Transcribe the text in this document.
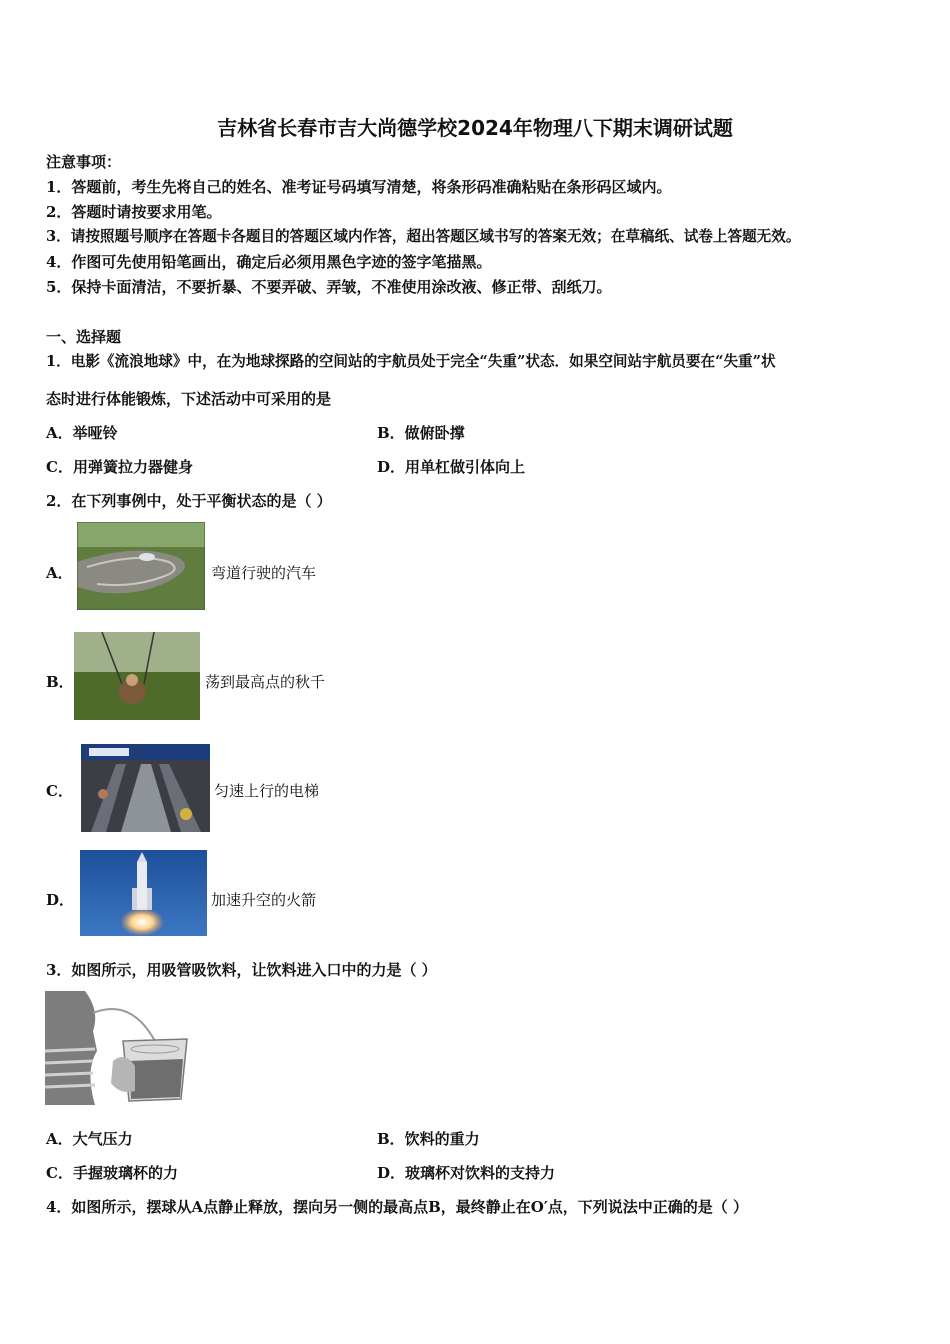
吉林省长春市吉大尚德学校2024年物理八下期末调研试题
注意事项：
1．答题前，考生先将自己的姓名、准考证号码填写清楚，将条形码准确粘贴在条形码区域内。
2．答题时请按要求用笔。
3．请按照题号顺序在答题卡各题目的答题区域内作答，超出答题区域书写的答案无效；在草稿纸、试卷上答题无效。
4．作图可先使用铅笔画出，确定后必须用黑色字迹的签字笔描黑。
5．保持卡面清洁，不要折暴、不要弄破、弄皱，不准使用涂改液、修正带、刮纸刀。
一、选择题
1．电影《流浪地球》中，在为地球探路的空间站的宇航员处于完全“失重”状态．如果空间站宇航员要在“失重”状
态时进行体能锻炼，下述活动中可采用的是
A．举哑铃	B．做俯卧撑
C．用弹簧拉力器健身	D．用单杠做引体向上
2．在下列事例中，处于平衡状态的是（ ）
A．	弯道行驶的汽车
B．	荡到最高点的秋千
C．	匀速上行的电梯
D．	加速升空的火箭
3．如图所示，用吸管吸饮料，让饮料进入口中的力是（ ）
A．大气压力	B．饮料的重力
C．手握玻璃杯的力	D．玻璃杯对饮料的支持力
4．如图所示，摆球从A点静止释放，摆向另一侧的最高点B，最终静止在O′点，下列说法中正确的是（ ）
